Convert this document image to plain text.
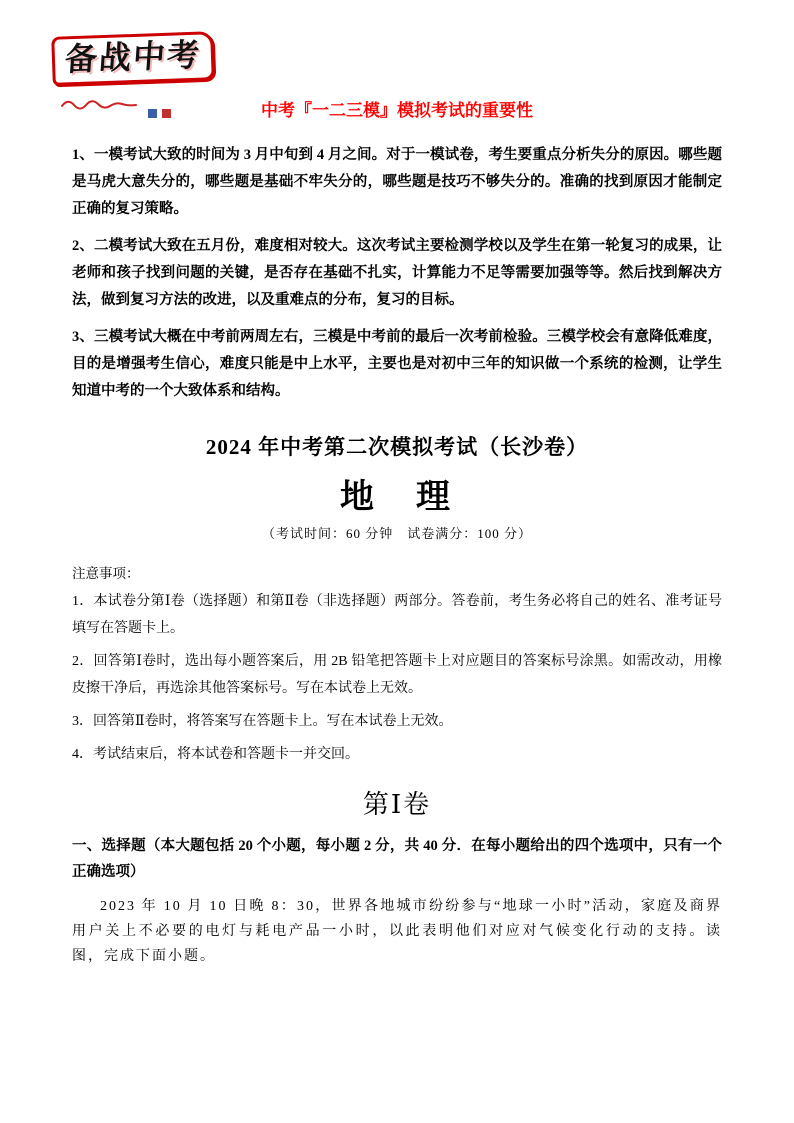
备战中考
中考『一二三模』模拟考试的重要性

1、一模考试大致的时间为 3 月中旬到 4 月之间。对于一模试卷，考生要重点分析失分的原因。哪些题是马虎大意失分的，哪些题是基础不牢失分的，哪些题是技巧不够失分的。准确的找到原因才能制定正确的复习策略。

2、二模考试大致在五月份，难度相对较大。这次考试主要检测学校以及学生在第一轮复习的成果，让老师和孩子找到问题的关键，是否存在基础不扎实，计算能力不足等需要加强等等。然后找到解决方法，做到复习方法的改进，以及重难点的分布，复习的目标。

3、三模考试大概在中考前两周左右，三模是中考前的最后一次考前检验。三模学校会有意降低难度，目的是增强考生信心，难度只能是中上水平，主要也是对初中三年的知识做一个系统的检测，让学生知道中考的一个大致体系和结构。

2024 年中考第二次模拟考试（长沙卷）
地　理
（考试时间：60 分钟　试卷满分：100 分）
注意事项：

1．本试卷分第Ⅰ卷（选择题）和第Ⅱ卷（非选择题）两部分。答卷前，考生务必将自己的姓名、准考证号填写在答题卡上。

2．回答第Ⅰ卷时，选出每小题答案后，用 2B 铅笔把答题卡上对应题目的答案标号涂黑。如需改动，用橡皮擦干净后，再选涂其他答案标号。写在本试卷上无效。

3．回答第Ⅱ卷时，将答案写在答题卡上。写在本试卷上无效。

4．考试结束后，将本试卷和答题卡一并交回。

第Ⅰ卷

一、选择题（本大题包括 20 个小题，每小题 2 分，共 40 分．在每小题给出的四个选项中，只有一个正确选项）

2023 年 10 月 10 日晚 8：30，世界各地城市纷纷参与“地球一小时”活动，家庭及商界用户关上不必要的电灯与耗电产品一小时，以此表明他们对应对气候变化行动的支持。读图，完成下面小题。
